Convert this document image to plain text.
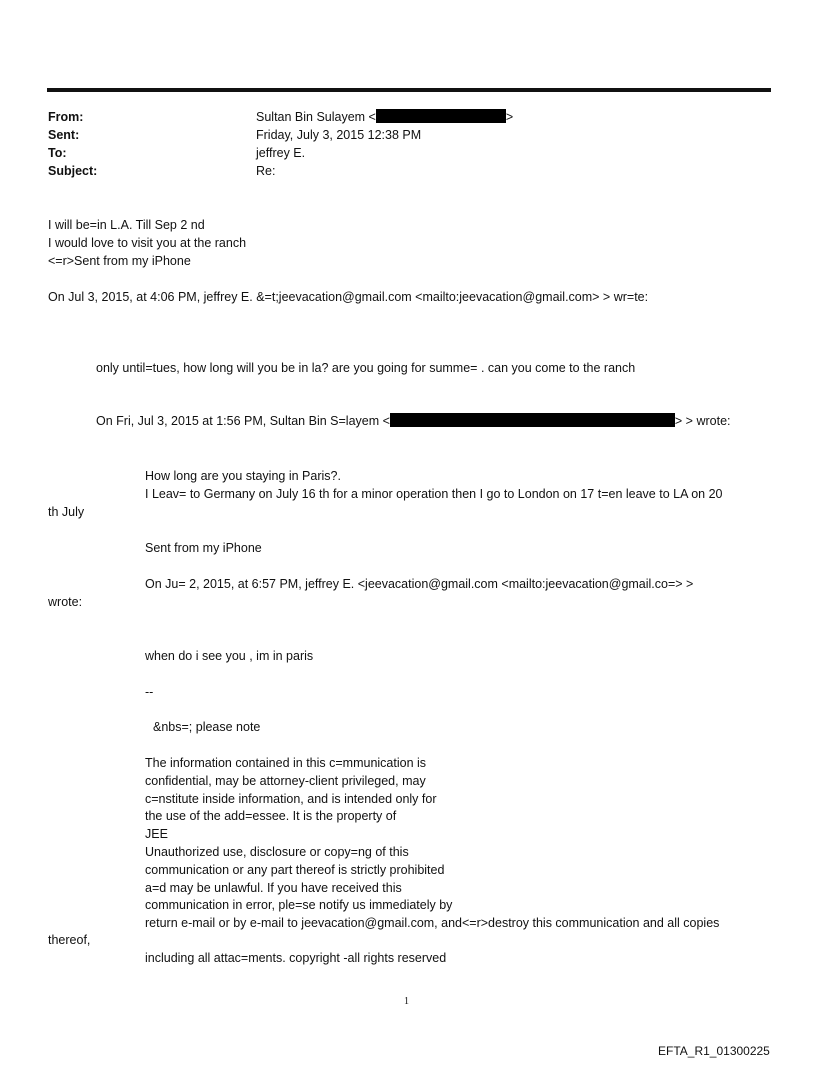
From:
Sent:
To:
Subject:
Sultan Bin Sulayem <	>
Friday, July 3, 2015 12:38 PM
jeffrey E.
Re:
I will be=in L.A. Till Sep 2 nd
I would love to visit you at the ranch
<=r>Sent from my iPhone
On Jul 3, 2015, at 4:06 PM, jeffrey E. &=t;jeevacation@gmail.com <mailto:jeevacation@gmail.com> > wr=te:
only until=tues, how long will you be in la? are you going for summe= . can you come to the ranch
On Fri, Jul 3, 2015 at 1:56 PM, Sultan Bin S=layem <	> > wrote:
How long are you staying in Paris?.
I Leav= to Germany on July 16 th for a minor operation then I go to London on 17 t=en leave to LA on 20
th July
Sent from my iPhone
On Ju= 2, 2015, at 6:57 PM, jeffrey E. <jeevacation@gmail.com <mailto:jeevacation@gmail.co=> >
wrote:
when do i see you , im in paris
--
&nbs=; please note
The information contained in this c=mmunication is
confidential, may be attorney-client privileged, may
c=nstitute inside information, and is intended only for
the use of the add=essee. It is the property of
JEE
Unauthorized use, disclosure or copy=ng of this
communication or any part thereof is strictly prohibited
a=d may be unlawful. If you have received this
communication in error, ple=se notify us immediately by
return e-mail or by e-mail to jeevacation@gmail.com, and<=r>destroy this communication and all copies
thereof,
including all attac=ments. copyright -all rights reserved
1
EFTA_R1_01300225
